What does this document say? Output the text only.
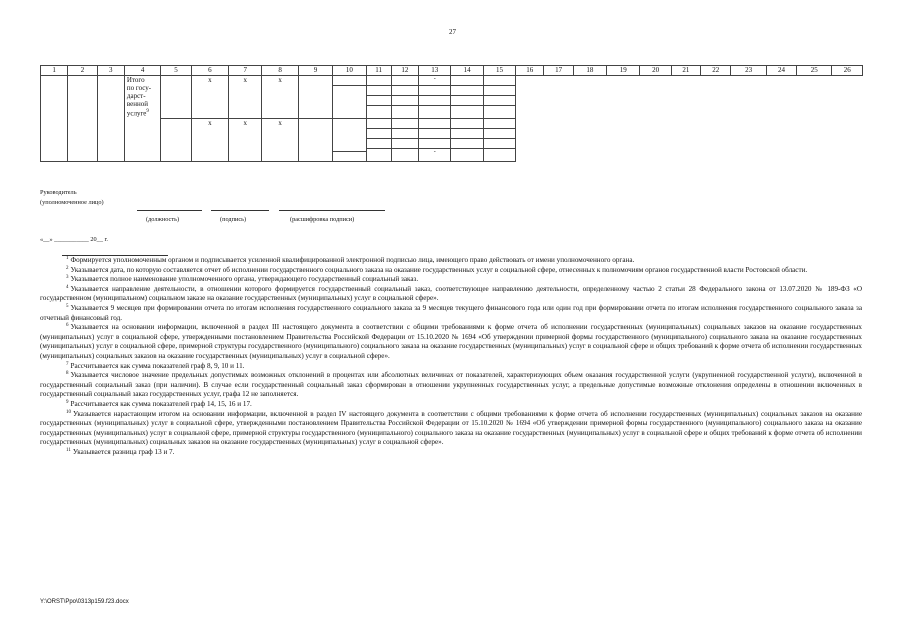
27
1	2	3	4	5	6	7	8	9	10	11	12	13	14	15	16	17	18	19	20	21	22	23	24	25	26

			Итого
по госу-
дарст-
венной
услуге$^9$		x	x	x					-													

					x	x	x					-													

Руководитель
(уполномоченное лицо)
(должность)	(подпись)	(расшифровка подписи)
«__» ___________ 20__ г.

$^1$ Формируется уполномоченным органом и подписывается усиленной квалифицированной электронной подписью лица, имеющего право действовать от имени уполномоченного органа.

$^2$ Указывается дата, по которую составляется отчет об исполнении государственного социального заказа на оказание государственных услуг в социальной сфере, отнесенных к полномочиям органов государственной власти Ростовской области.

$^3$ Указывается полное наименование уполномоченного органа, утверждающего государственный социальный заказ.

$^4$ Указывается направление деятельности, в отношении которого формируется государственный социальный заказ, соответствующее направлению деятельности, определенному частью 2 статьи 28 Федерального закона от 13.07.2020 № 189-ФЗ «О государственном (муниципальном) социальном заказе на оказание государственных (муниципальных) услуг в социальной сфере».

$^5$ Указывается 9 месяцев при формировании отчета по итогам исполнения государственного социального заказа за 9 месяцев текущего финансового года или один год при формировании отчета по итогам исполнения государственного социального заказа за отчетный финансовый год.

$^6$ Указывается на основании информации, включенной в раздел III настоящего документа в соответствии с общими требованиями к форме отчета об исполнении государственных (муниципальных) социальных заказов на оказание государственных (муниципальных) услуг в социальной сфере, утвержденными постановлением Правительства Российской Федерации от 15.10.2020 № 1694 «Об утверждении примерной формы государственного (муниципального) социального заказа на оказание государственных (муниципальных) услуг в социальной сфере, примерной структуры государственного (муниципального) социального заказа на оказание государственных (муниципальных) услуг в социальной сфере и общих требований к форме отчета об исполнении государственных (муниципальных) социальных заказов на оказание государственных (муниципальных) услуг в социальной сфере».

$^7$ Рассчитывается как сумма показателей граф 8, 9, 10 и 11.

$^8$ Указывается числовое значение предельных допустимых возможных отклонений в процентах или абсолютных величинах от показателей, характеризующих объем оказания государственной услуги (укрупненной государственной услуги), включенной в государственный социальный заказ (при наличии). В случае если государственный социальный заказ сформирован в отношении укрупненных государственных услуг, а предельные допустимые возможные отклонения определены в отношении включенных в государственный социальный заказ государственных услуг, графа 12 не заполняется.

$^9$ Рассчитывается как сумма показателей граф 14, 15, 16 и 17.

$^{10}$ Указывается нарастающим итогом на основании информации, включенной в раздел IV настоящего документа в соответствии с общими требованиями к форме отчета об исполнении государственных (муниципальных) социальных заказов на оказание государственных (муниципальных) услуг в социальной сфере, утвержденными постановлением Правительства Российской Федерации от 15.10.2020 № 1694 «Об утверждении примерной формы государственного (муниципального) социального заказа на оказание государственных (муниципальных) услуг в социальной сфере, примерной структуры государственного (муниципального) социального заказа на оказание государственных (муниципальных) услуг в социальной сфере и общих требований к форме отчета об исполнении государственных (муниципальных) социальных заказов на оказание государственных (муниципальных) услуг в социальной сфере».

$^{11}$ Указывается разница граф 13 и 7.

Y:\ORST\Ppo\0313p159.f23.docx
